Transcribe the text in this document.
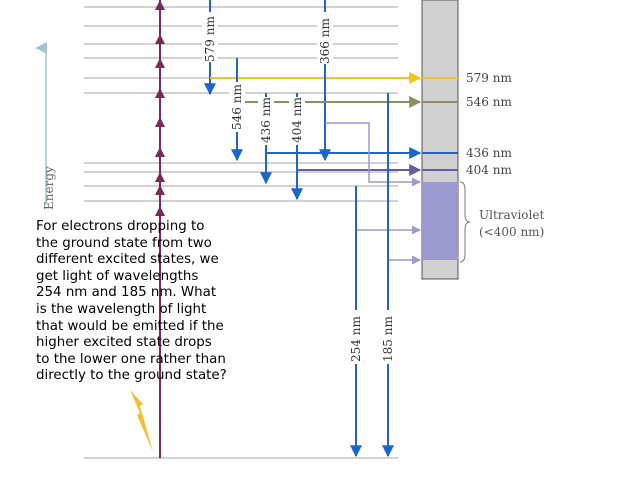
Energy
579 nm	366 nm
546 nm 436 nm 404 nm
254 nm 185 nm
579 nm
546 nm
436 nm
404 nm
Ultraviolet
(<400 nm)
For electrons dropping to
the ground state from two
different excited states, we
get light of wavelengths
254 nm and 185 nm. What
is the wavelength of light
that would be emitted if the
higher excited state drops
to the lower one rather than
directly to the ground state?
